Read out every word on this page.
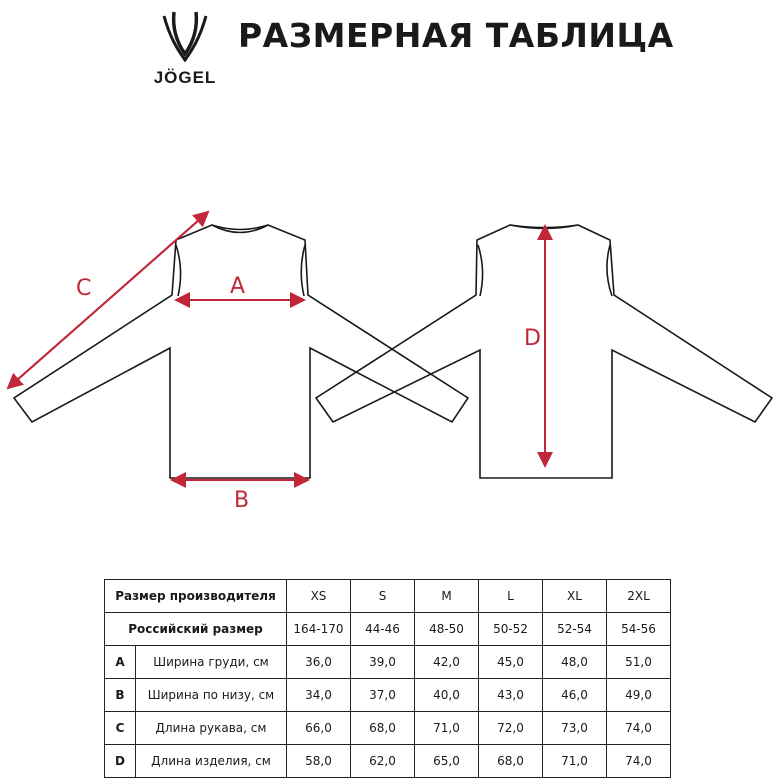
JÖGEL
РАЗМЕРНАЯ ТАБЛИЦА
A
B
C
D
Размер производителя		XS	S	M	L	XL	2XL
Российский размер		164-170	44-46	48-50	50-52	52-54	54-56
A	Ширина груди, см	36,0	39,0	42,0	45,0	48,0	51,0
B	Ширина по низу, см	34,0	37,0	40,0	43,0	46,0	49,0
C	Длина рукава, см	66,0	68,0	71,0	72,0	73,0	74,0
D	Длина изделия, см	58,0	62,0	65,0	68,0	71,0	74,0
